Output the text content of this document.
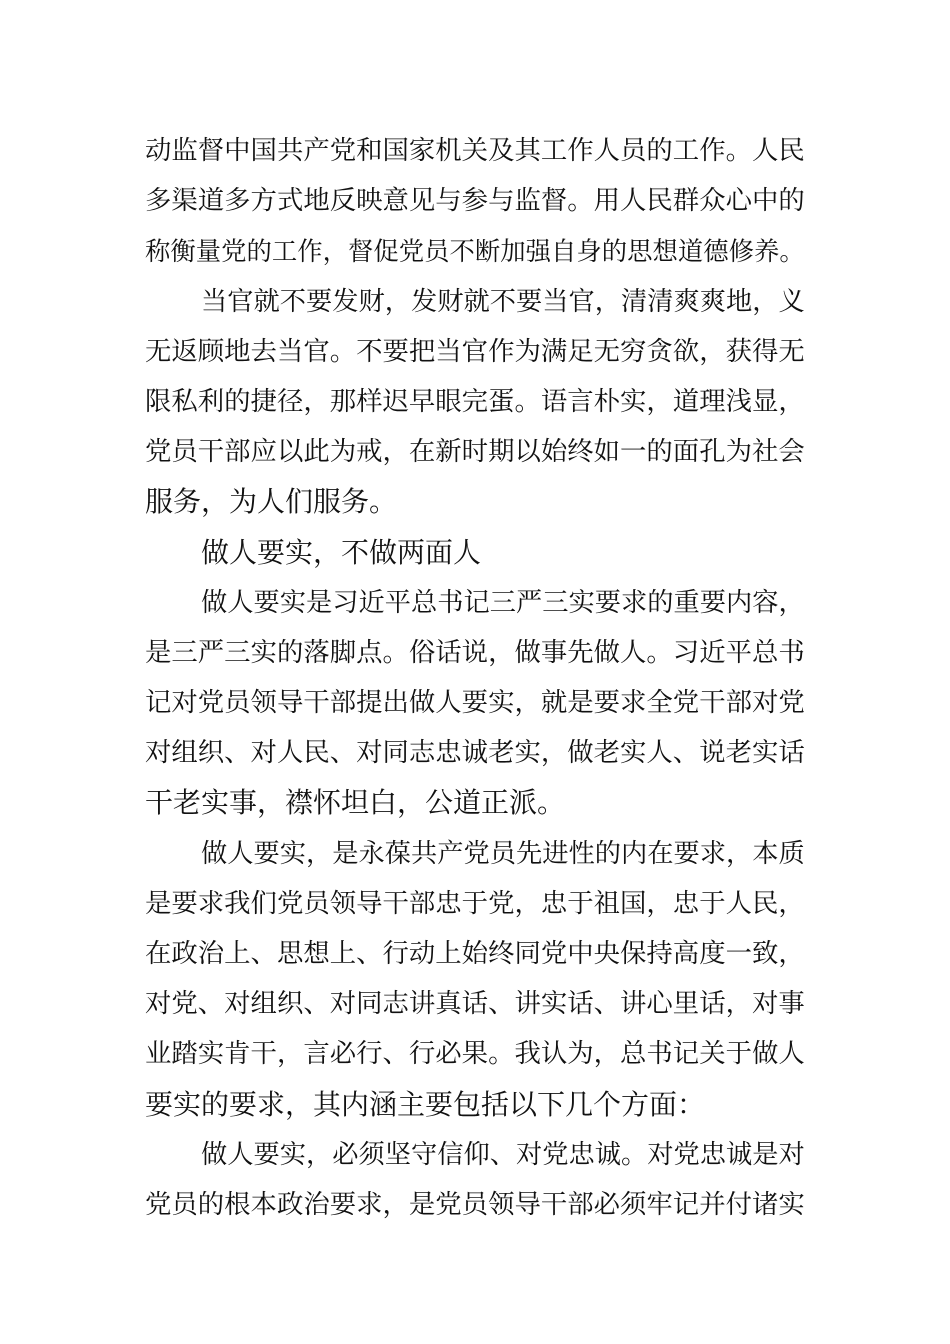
动监督中国共产党和国家机关及其工作人员的工作。人民
多渠道多方式地反映意见与参与监督。用人民群众心中的
称衡量党的工作，督促党员不断加强自身的思想道德修养。
当官就不要发财，发财就不要当官，清清爽爽地，义
无返顾地去当官。不要把当官作为满足无穷贪欲，获得无
限私利的捷径，那样迟早眼完蛋。语言朴实，道理浅显，
党员干部应以此为戒，在新时期以始终如一的面孔为社会
服务，为人们服务。
做人要实，不做两面人
做人要实是习近平总书记三严三实要求的重要内容，
是三严三实的落脚点。俗话说，做事先做人。习近平总书
记对党员领导干部提出做人要实，就是要求全党干部对党
对组织、对人民、对同志忠诚老实，做老实人、说老实话
干老实事，襟怀坦白，公道正派。
做人要实，是永葆共产党员先进性的内在要求，本质
是要求我们党员领导干部忠于党，忠于祖国，忠于人民，
在政治上、思想上、行动上始终同党中央保持高度一致，
对党、对组织、对同志讲真话、讲实话、讲心里话，对事
业踏实肯干，言必行、行必果。我认为，总书记关于做人
要实的要求，其内涵主要包括以下几个方面：
做人要实，必须坚守信仰、对党忠诚。对党忠诚是对
党员的根本政治要求，是党员领导干部必须牢记并付诸实
